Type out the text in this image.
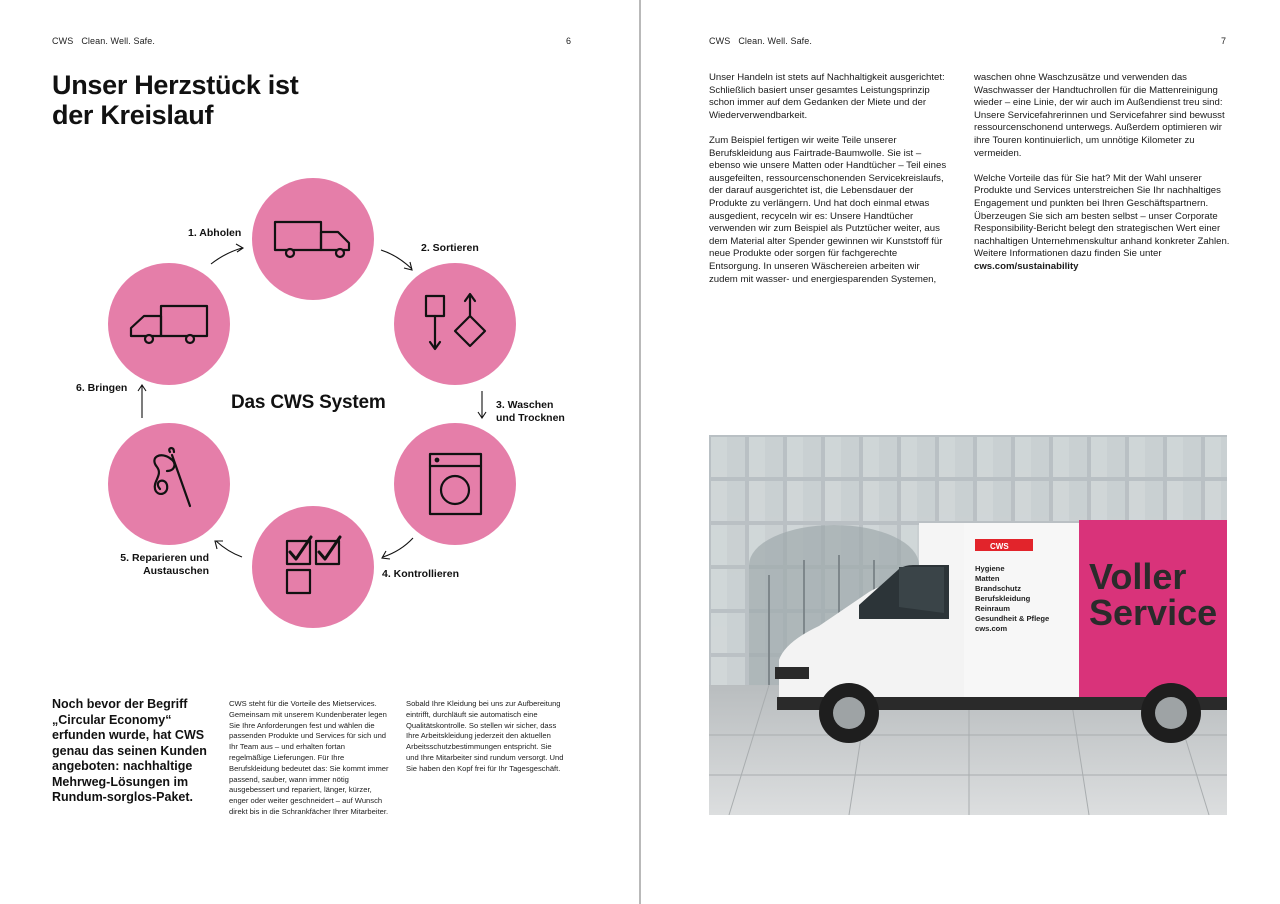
CWS Clean. Well. Safe.	6
Unser Herzstück ist
der Kreislauf
1. Abholen
2. Sortieren
3. Waschen
und Trocknen
4. Kontrollieren
5. Reparieren und
Austauschen
6. Bringen
Das CWS System

Noch bevor der Begriff „Circular Economy“ erfunden wurde, hat CWS genau das seinen Kunden angeboten: nachhaltige Mehrweg-Lösungen im Rundum-sorglos-Paket.

CWS steht für die Vorteile des Mietservices. Gemeinsam mit unserem Kundenberater legen Sie Ihre Anforderungen fest und wählen die passenden Produkte und Services für sich und Ihr Team aus – und erhalten fortan regelmäßige Lieferungen. Für Ihre Berufskleidung bedeutet das: Sie kommt immer passend, sauber, wann immer nötig ausgebessert und repariert, länger, kürzer, enger oder weiter geschneidert – auf Wunsch direkt bis in die Schrankfächer Ihrer Mitarbeiter.

Sobald Ihre Kleidung bei uns zur Aufbereitung eintrifft, durchläuft sie automatisch eine Qualitätskontrolle. So stellen wir sicher, dass Ihre Arbeitskleidung jederzeit den aktuellen Arbeitsschutzbestimmungen entspricht. Sie und Ihre Mitarbeiter sind rundum versorgt. Und Sie haben den Kopf frei für Ihr Tagesgeschäft.

CWS Clean. Well. Safe.	7

Unser Handeln ist stets auf Nachhaltigkeit ausgerichtet: Schließlich basiert unser gesamtes Leistungsprinzip schon immer auf dem Gedanken der Miete und der Wiederverwendbarkeit.

Zum Beispiel fertigen wir weite Teile unserer Berufskleidung aus Fairtrade-Baumwolle. Sie ist – ebenso wie unsere Matten oder Handtücher – Teil eines ausgefeilten, ressourcenschonenden Servicekreislaufs, der darauf ausgerichtet ist, die Lebensdauer der Produkte zu verlängern. Und hat doch einmal etwas ausgedient, recyceln wir es: Unsere Handtücher verwenden wir zum Beispiel als Putztücher weiter, aus dem Material alter Spender gewinnen wir Kunststoff für neue Produkte oder sorgen für fachgerechte Entsorgung. In unseren Wäschereien arbeiten wir zudem mit wasser- und energiesparenden Systemen,

waschen ohne Waschzusätze und verwenden das Waschwasser der Handtuchrollen für die Mattenreinigung wieder – eine Linie, der wir auch im Außendienst treu sind: Unsere Servicefahrerinnen und Servicefahrer sind bewusst ressourcenschonend unterwegs. Außerdem optimieren wir ihre Touren kontinuierlich, um unnötige Kilometer zu vermeiden.

Welche Vorteile das für Sie hat? Mit der Wahl unserer Produkte und Services unterstreichen Sie Ihr nachhaltiges Engagement und punkten bei Ihren Geschäftspartnern. Überzeugen Sie sich am besten selbst – unser Corporate Responsibility-Bericht belegt den strategischen Wert einer nachhaltigen Unternehmenskultur anhand konkreter Zahlen. Weitere Informationen dazu finden Sie unter

cws.com/sustainability
CWS
Hygiene
Matten
Brandschutz
Berufskleidung
Reinraum
Gesundheit & Pflege
cws.com
Voller
Service
